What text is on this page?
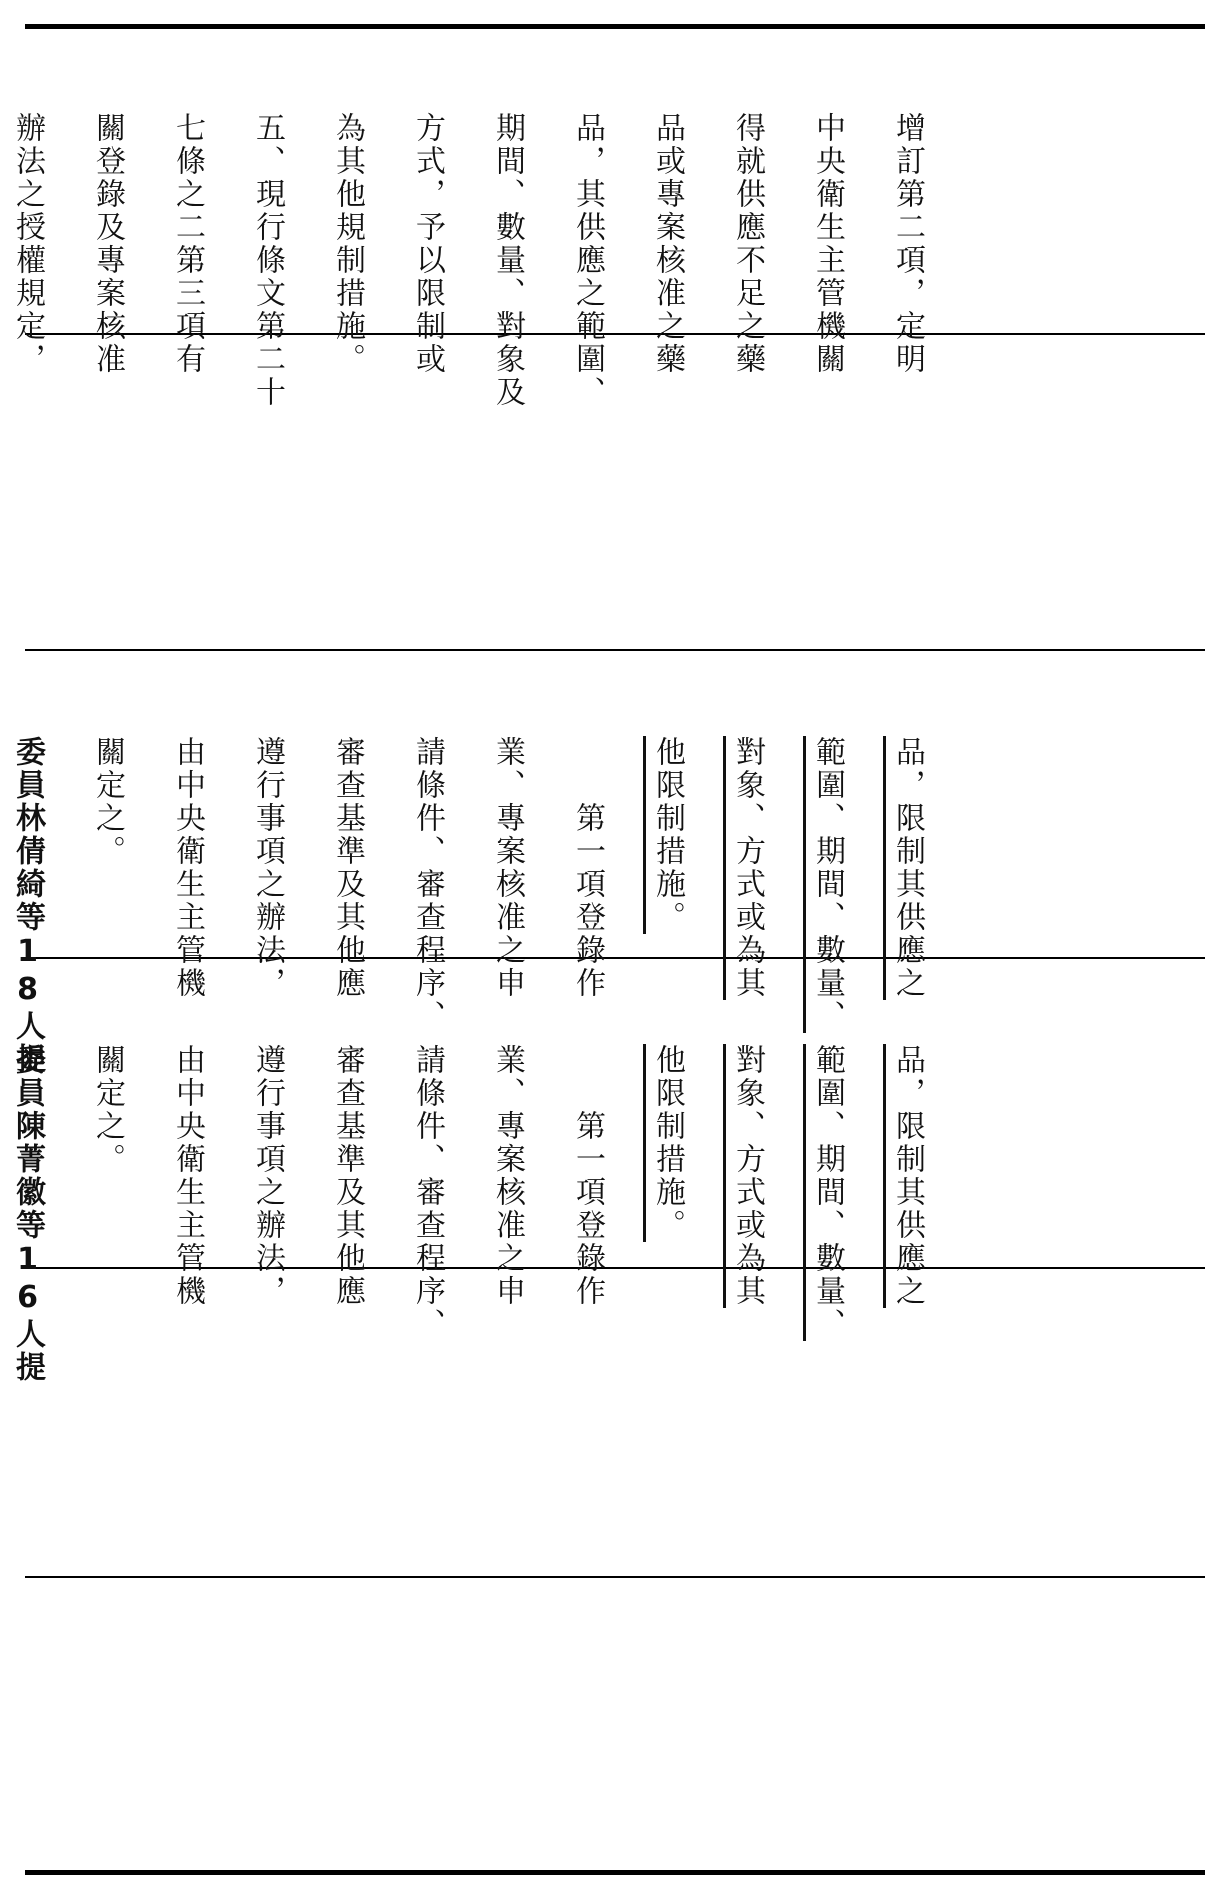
增訂第二項，定明

中央衛生主管機關

得就供應不足之藥

品或專案核准之藥

品，其供應之範圍、

期間、數量、對象及

方式，予以限制或

為其他規制措施。

五、現行條文第二十

七條之二第三項有

關登錄及專案核准

辦法之授權規定，

品，限制其供應之

範圍、期間、數量、

對象、方式或為其

他限制措施。

　　第一項登錄作

業、專案核准之申

請條件、審查程序、

審查基準及其他應

遵行事項之辦法，

由中央衛生主管機

關定之。

委員林倩綺等18人提

品，限制其供應之

範圍、期間、數量、

對象、方式或為其

他限制措施。

　　第一項登錄作

業、專案核准之申

請條件、審查程序、

審查基準及其他應

遵行事項之辦法，

由中央衛生主管機

關定之。

委員陳菁徽等16人提
